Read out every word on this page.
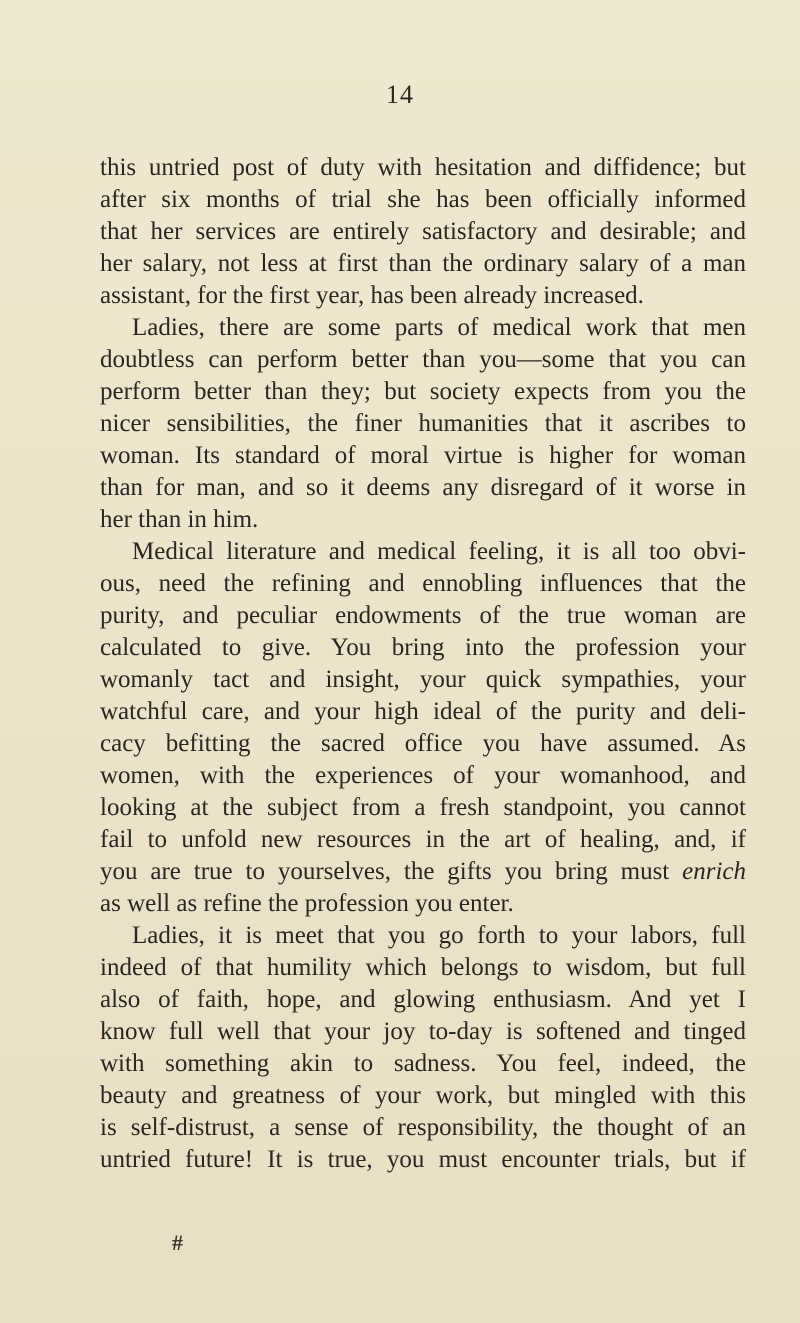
14
this untried post of duty with hesitation and diffidence; but
after six months of trial she has been officially informed
that her services are entirely satisfactory and desirable; and
her salary, not less at first than the ordinary salary of a man
assistant, for the first year, has been already increased.
Ladies, there are some parts of medical work that men
doubtless can perform better than you—some that you can
perform better than they; but society expects from you the
nicer sensibilities, the finer humanities that it ascribes to
woman. Its standard of moral virtue is higher for woman
than for man, and so it deems any disregard of it worse in
her than in him.
Medical literature and medical feeling, it is all too obvi-
ous, need the refining and ennobling influences that the
purity, and peculiar endowments of the true woman are
calculated to give. You bring into the profession your
womanly tact and insight, your quick sympathies, your
watchful care, and your high ideal of the purity and deli-
cacy befitting the sacred office you have assumed. As
women, with the experiences of your womanhood, and
looking at the subject from a fresh standpoint, you cannot
fail to unfold new resources in the art of healing, and, if
you are true to yourselves, the gifts you bring must enrich
as well as refine the profession you enter.
Ladies, it is meet that you go forth to your labors, full
indeed of that humility which belongs to wisdom, but full
also of faith, hope, and glowing enthusiasm. And yet I
know full well that your joy to-day is softened and tinged
with something akin to sadness. You feel, indeed, the
beauty and greatness of your work, but mingled with this
is self-distrust, a sense of responsibility, the thought of an
untried future! It is true, you must encounter trials, but if
#
